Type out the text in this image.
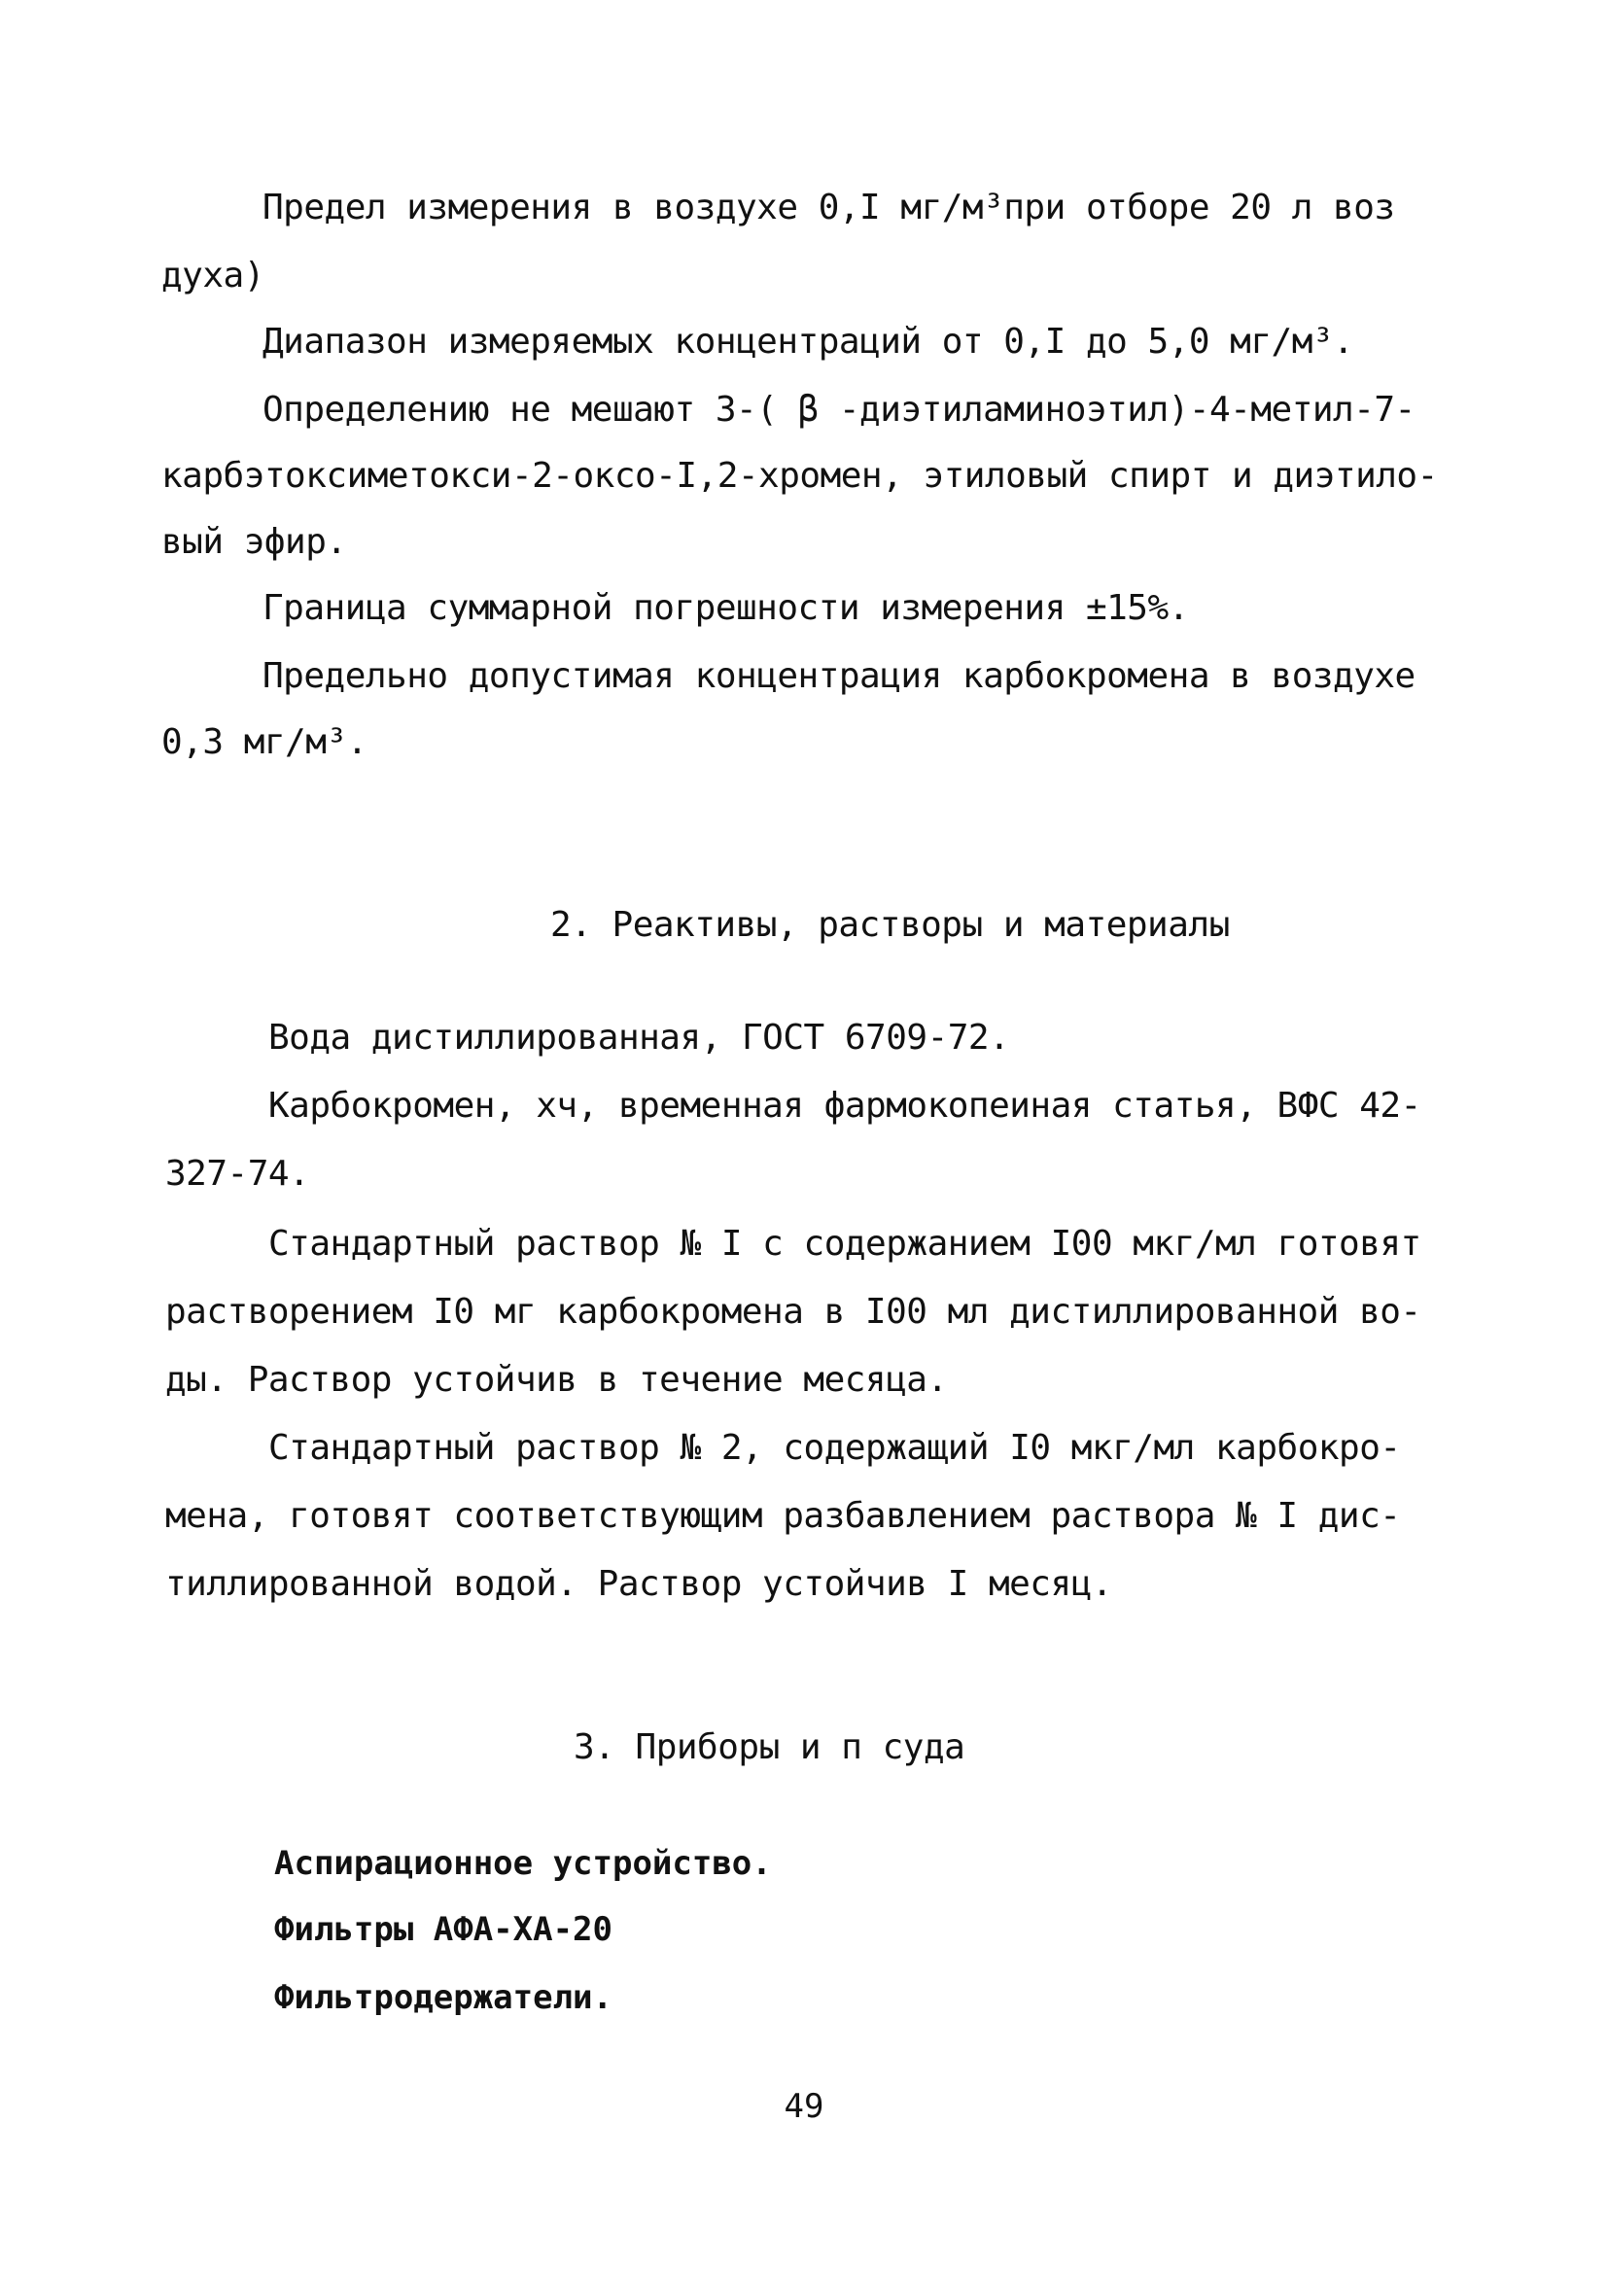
Предел измерения в воздухе 0,I мг/м³при отборе 20 л воз
духа)
Диапазон измеряемых концентраций от 0,I до 5,0 мг/м³.
Определению не мешают 3-( β -диэтиламиноэтил)-4-метил-7-
карбэтоксиметокси-2-оксо-I,2-хромен, этиловый спирт и диэтило-
вый эфир.
Граница суммарной погрешности измерения ±15%.
Предельно допустимая концентрация карбокромена в воздухе
0,3 мг/м³.
2. Реактивы, растворы и материалы
Вода дистиллированная, ГОСТ 6709-72.
Карбокромен, хч, временная фармокопеиная статья, ВФС 42-
327-74.
Стандартный раствор № I с содержанием I00 мкг/мл готовят
растворением I0 мг карбокромена в I00 мл дистиллированной во-
ды. Раствор устойчив в течение месяца.
Стандартный раствор № 2, содержащий I0 мкг/мл карбокро-
мена, готовят соответствующим разбавлением раствора № I дис-
тиллированной водой. Раствор устойчив I месяц.
3. Приборы и п суда
Аспирационное устройство.
Фильтры АФА-ХА-20
Фильтродержатели.
49
